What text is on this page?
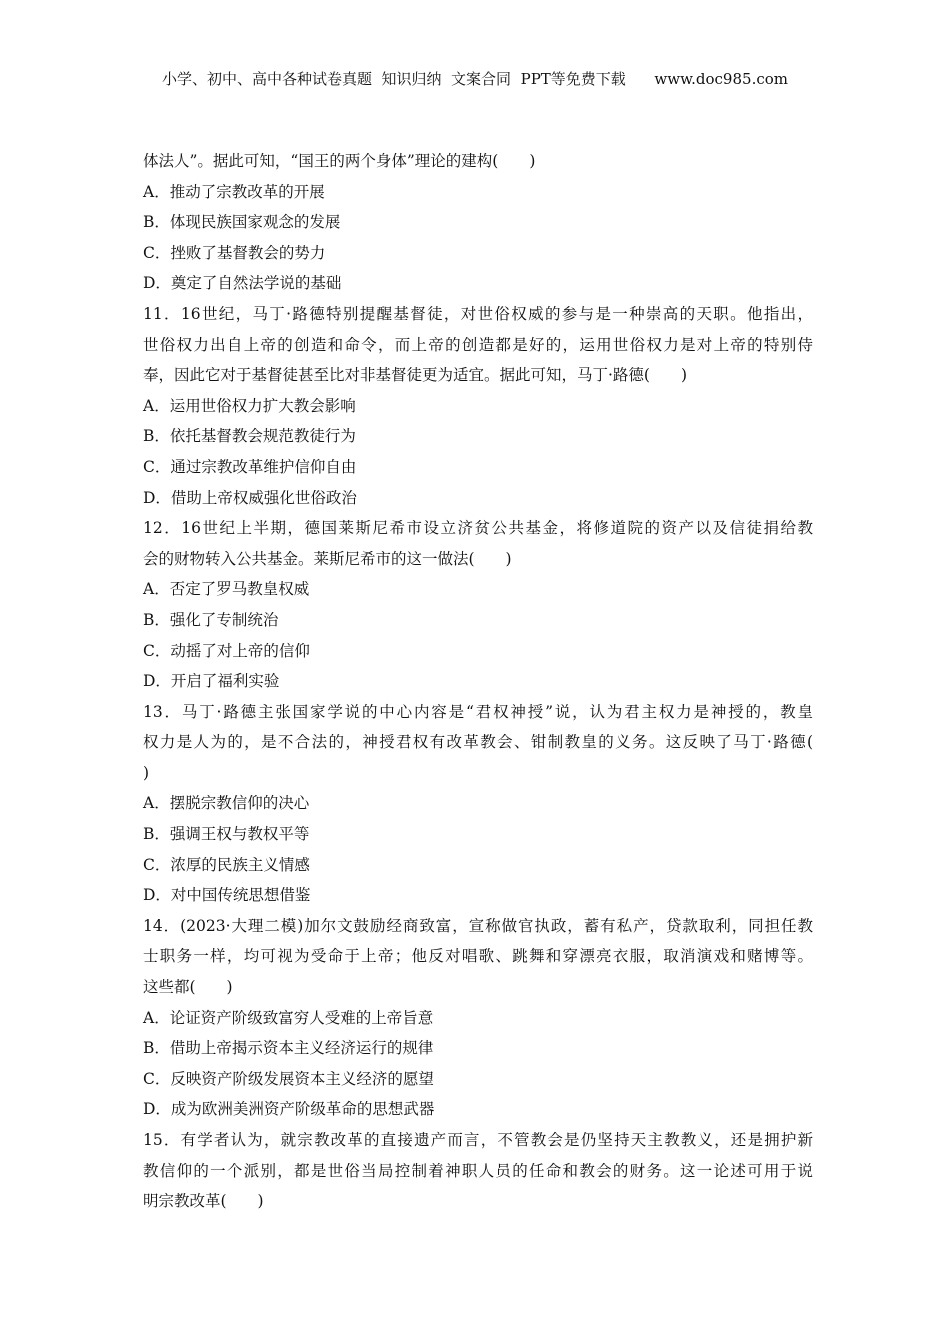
小学、初中、高中各种试卷真题  知识归纳  文案合同  PPT等免费下载      www.doc985.com
体法人”。据此可知，“国王的两个身体”理论的建构(　　)
A．推动了宗教改革的开展
B．体现民族国家观念的发展
C．挫败了基督教会的势力
D．奠定了自然法学说的基础
11．16世纪，马丁·路德特别提醒基督徒，对世俗权威的参与是一种崇高的天职。他指出，
世俗权力出自上帝的创造和命令，而上帝的创造都是好的，运用世俗权力是对上帝的特别侍
奉，因此它对于基督徒甚至比对非基督徒更为适宜。据此可知，马丁·路德(　　)
A．运用世俗权力扩大教会影响
B．依托基督教会规范教徒行为
C．通过宗教改革维护信仰自由
D．借助上帝权威强化世俗政治
12．16世纪上半期，德国莱斯尼希市设立济贫公共基金，将修道院的资产以及信徒捐给教
会的财物转入公共基金。莱斯尼希市的这一做法(　　)
A．否定了罗马教皇权威
B．强化了专制统治
C．动摇了对上帝的信仰
D．开启了福利实验
13．马丁·路德主张国家学说的中心内容是“君权神授”说，认为君主权力是神授的，教皇
权力是人为的，是不合法的，神授君权有改革教会、钳制教皇的义务。这反映了马丁·路德(
)
A．摆脱宗教信仰的决心
B．强调王权与教权平等
C．浓厚的民族主义情感
D．对中国传统思想借鉴
14．(2023·大理二模)加尔文鼓励经商致富，宣称做官执政，蓄有私产，贷款取利，同担任教
士职务一样，均可视为受命于上帝；他反对唱歌、跳舞和穿漂亮衣服，取消演戏和赌博等。
这些都(　　)
A．论证资产阶级致富穷人受难的上帝旨意
B．借助上帝揭示资本主义经济运行的规律
C．反映资产阶级发展资本主义经济的愿望
D．成为欧洲美洲资产阶级革命的思想武器
15．有学者认为，就宗教改革的直接遗产而言，不管教会是仍坚持天主教教义，还是拥护新
教信仰的一个派别，都是世俗当局控制着神职人员的任命和教会的财务。这一论述可用于说
明宗教改革(　　)
